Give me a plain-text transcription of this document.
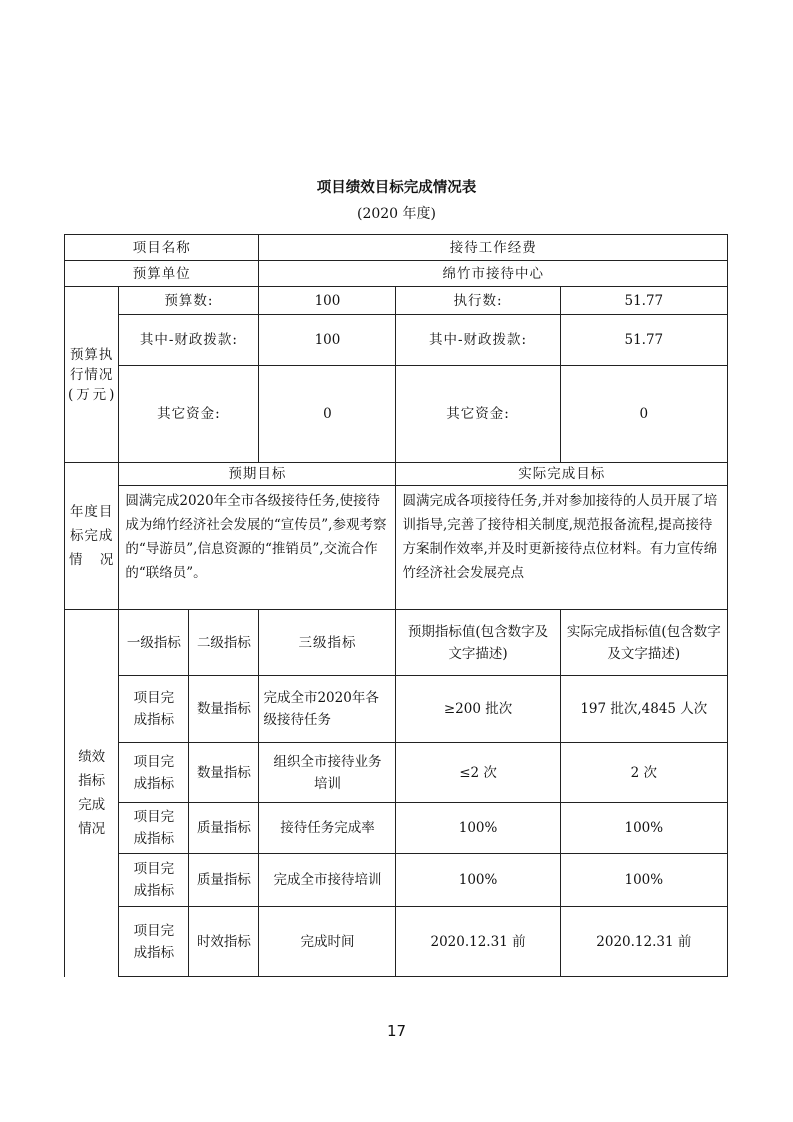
项目绩效目标完成情况表
(2020 年度)
项目名称			接待工作经费		
预算单位			绵竹市接待中心		
预算执行情况(万元)	预算数:		100	执行数:	51.77
	其中-财政拨款:		100	其中-财政拨款:	51.77
	其它资金:		0	其它资金:	0
年度目标完成情况	预期目标			实际完成目标	
	圆满完成2020年全市各级接待任务,使接待成为绵竹经济社会发展的“宣传员”,参观考察的“导游员”,信息资源的“推销员”,交流合作的“联络员”。			圆满完成各项接待任务,并对参加接待的人员开展了培训指导,完善了接待相关制度,规范报备流程,提高接待方案制作效率,并及时更新接待点位材料。有力宣传绵竹经济社会发展亮点	
绩效指标完成情况	一级指标	二级指标	三级指标	预期指标值(包含数字及文字描述)	实际完成指标值(包含数字及文字描述)
	项目完成指标	数量指标	完成全市2020年各级接待任务	≥200 批次	197 批次,4845 人次
	项目完成指标	数量指标	组织全市接待业务培训	≤2 次	2 次
	项目完成指标	质量指标	接待任务完成率	100%	100%
	项目完成指标	质量指标	完成全市接待培训	100%	100%
	项目完成指标	时效指标	完成时间	2020.12.31 前	2020.12.31 前
17
